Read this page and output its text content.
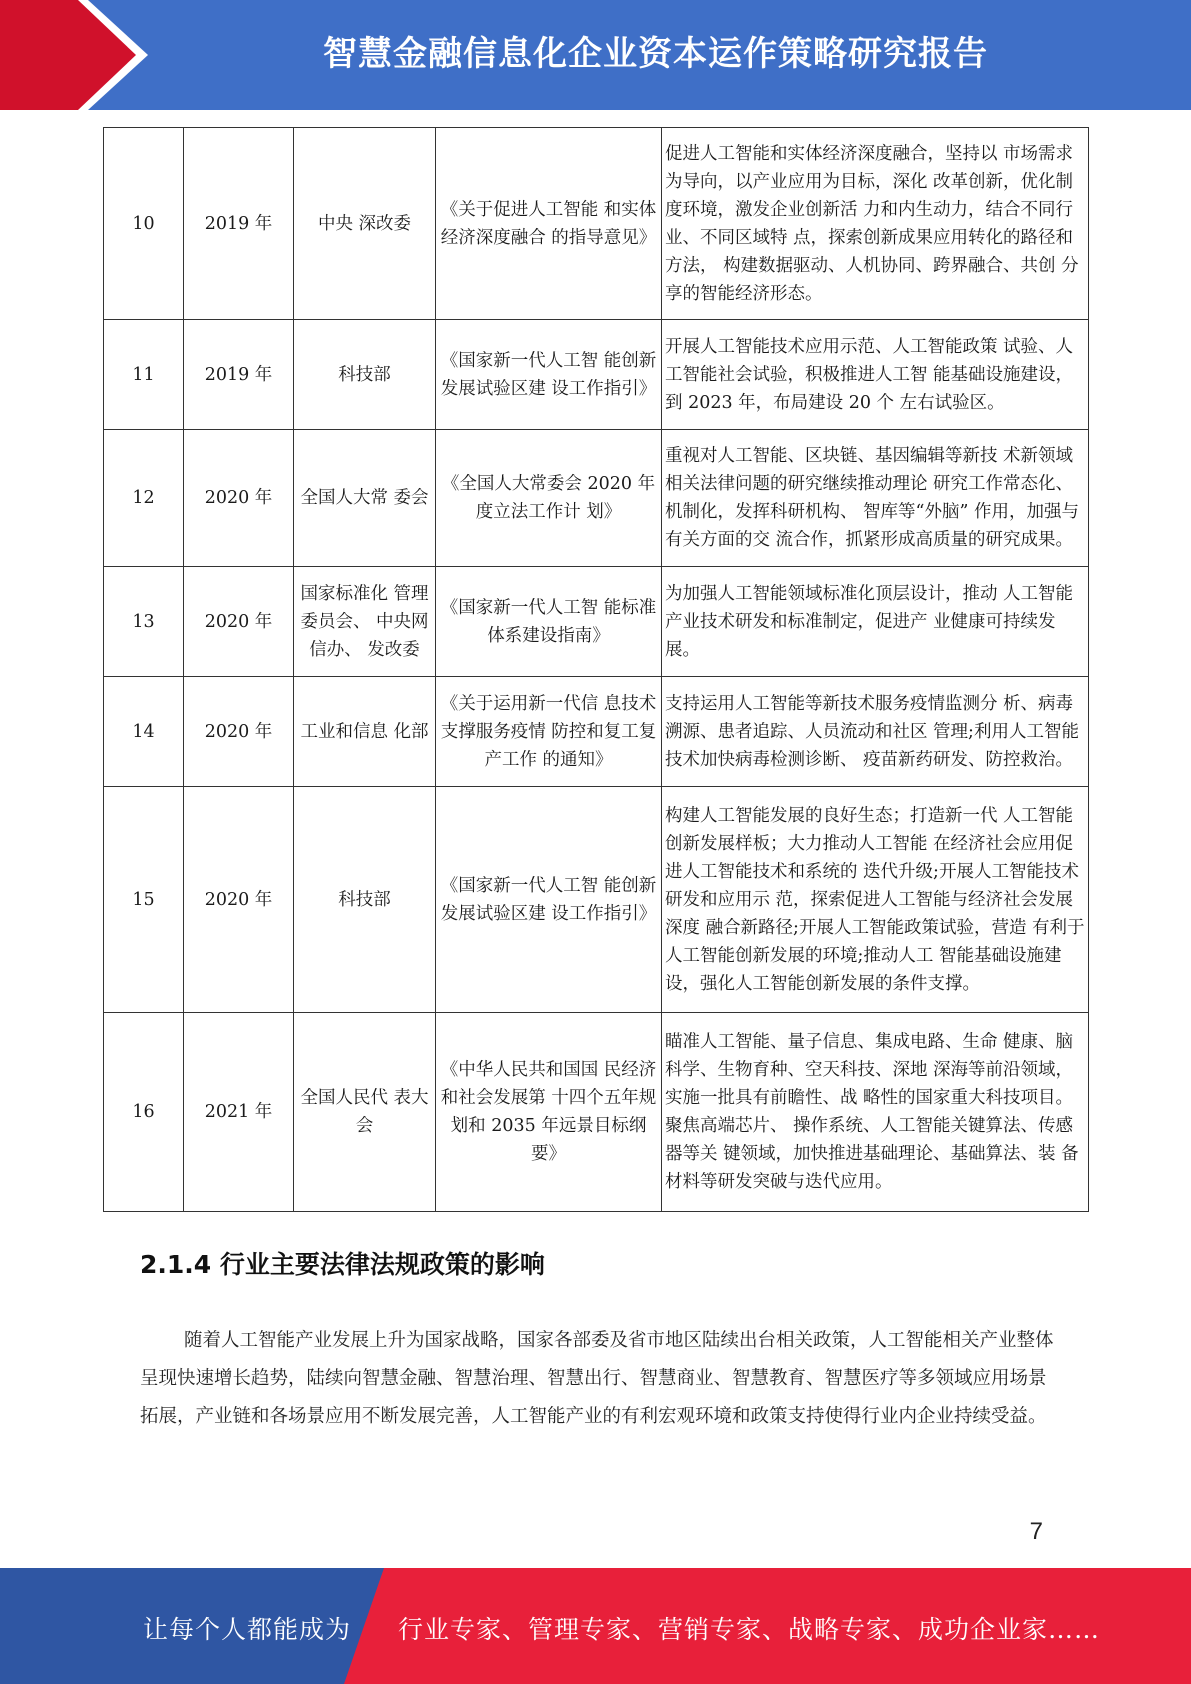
智慧金融信息化企业资本运作策略研究报告
10	2019 年	中央 深改委	《关于促进人工智能 和实体经济深度融合 的指导意见》	促进人工智能和实体经济深度融合，坚持以 市场需求为导向，以产业应用为目标，深化 改革创新，优化制度环境，激发企业创新活 力和内生动力，结合不同行业、不同区域特 点，探索创新成果应用转化的路径和方法， 构建数据驱动、人机协同、跨界融合、共创 分享的智能经济形态。
11	2019 年	科技部	《国家新一代人工智 能创新发展试验区建 设工作指引》	开展人工智能技术应用示范、人工智能政策 试验、人工智能社会试验，积极推进人工智 能基础设施建设，到 2023 年，布局建设 20 个 左右试验区。
12	2020 年	全国人大常 委会	《全国人大常委会 2020 年度立法工作计 划》	重视对人工智能、区块链、基因编辑等新技 术新领域相关法律问题的研究继续推动理论 研究工作常态化、机制化，发挥科研机构、 智库等“外脑” 作用，加强与有关方面的交 流合作，抓紧形成高质量的研究成果。
13	2020 年	国家标准化 管理委员会、 中央网信办、 发改委	《国家新一代人工智 能标准体系建设指南》	为加强人工智能领域标准化顶层设计，推动 人工智能产业技术研发和标准制定，促进产 业健康可持续发展。
14	2020 年	工业和信息 化部	《关于运用新一代信 息技术支撑服务疫情 防控和复工复产工作 的通知》	支持运用人工智能等新技术服务疫情监测分 析、病毒溯源、患者追踪、人员流动和社区 管理;利用人工智能技术加快病毒检测诊断、 疫苗新药研发、防控救治。
15	2020 年	科技部	《国家新一代人工智 能创新发展试验区建 设工作指引》	构建人工智能发展的良好生态；打造新一代 人工智能创新发展样板；大力推动人工智能 在经济社会应用促进人工智能技术和系统的 迭代升级;开展人工智能技术研发和应用示 范，探索促进人工智能与经济社会发展深度 融合新路径;开展人工智能政策试验，营造 有利于人工智能创新发展的环境;推动人工 智能基础设施建设，强化人工智能创新发展的条件支撑。
16	2021 年	全国人民代 表大会	《中华人民共和国国 民经济和社会发展第 十四个五年规划和 2035 年远景目标纲要》	瞄准人工智能、量子信息、集成电路、生命 健康、脑科学、生物育种、空天科技、深地 深海等前沿领域，实施一批具有前瞻性、战 略性的国家重大科技项目。聚焦高端芯片、 操作系统、人工智能关键算法、传感器等关 键领域，加快推进基础理论、基础算法、装 备材料等研发突破与迭代应用。
2.1.4 行业主要法律法规政策的影响

随着人工智能产业发展上升为国家战略，国家各部委及省市地区陆续出台相关政策，人工智能相关产业整体呈现快速增长趋势，陆续向智慧金融、智慧治理、智慧出行、智慧商业、智慧教育、智慧医疗等多领域应用场景拓展，产业链和各场景应用不断发展完善，人工智能产业的有利宏观环境和政策支持使得行业内企业持续受益。

7
让每个人都能成为 行业专家、管理专家、营销专家、战略专家、成功企业家……
